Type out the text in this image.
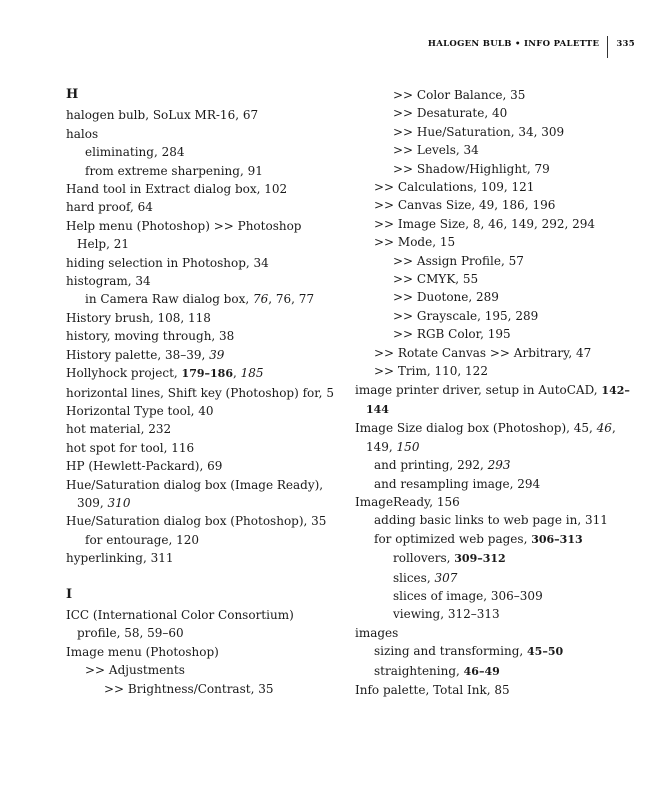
HALOGEN BULB • INFO PALETTE 335
H
halogen bulb, SoLux MR-16, 67
halos
eliminating, 284
from extreme sharpening, 91
Hand tool in Extract dialog box, 102
hard proof, 64
Help menu (Photoshop) >> Photoshop Help, 21
hiding selection in Photoshop, 34
histogram, 34
in Camera Raw dialog box, 76, 76, 77
History brush, 108, 118
history, moving through, 38
History palette, 38–39, 39
Hollyhock project, 179–186, 185
horizontal lines, Shift key (Photoshop) for, 5
Horizontal Type tool, 40
hot material, 232
hot spot for tool, 116
HP (Hewlett-Packard), 69
Hue/Saturation dialog box (Image Ready), 309, 310
Hue/Saturation dialog box (Photoshop), 35
for entourage, 120
hyperlinking, 311
I
ICC (International Color Consortium) profile, 58, 59–60
Image menu (Photoshop)
>> Adjustments
>> Brightness/Contrast, 35
>> Color Balance, 35
>> Desaturate, 40
>> Hue/Saturation, 34, 309
>> Levels, 34
>> Shadow/Highlight, 79
>> Calculations, 109, 121
>> Canvas Size, 49, 186, 196
>> Image Size, 8, 46, 149, 292, 294
>> Mode, 15
>> Assign Profile, 57
>> CMYK, 55
>> Duotone, 289
>> Grayscale, 195, 289
>> RGB Color, 195
>> Rotate Canvas >> Arbitrary, 47
>> Trim, 110, 122
image printer driver, setup in AutoCAD, 142–144
Image Size dialog box (Photoshop), 45, 46, 149, 150
and printing, 292, 293
and resampling image, 294
ImageReady, 156
adding basic links to web page in, 311
for optimized web pages, 306–313
rollovers, 309–312
slices, 307
slices of image, 306–309
viewing, 312–313
images
sizing and transforming, 45–50
straightening, 46–49
Info palette, Total Ink, 85
